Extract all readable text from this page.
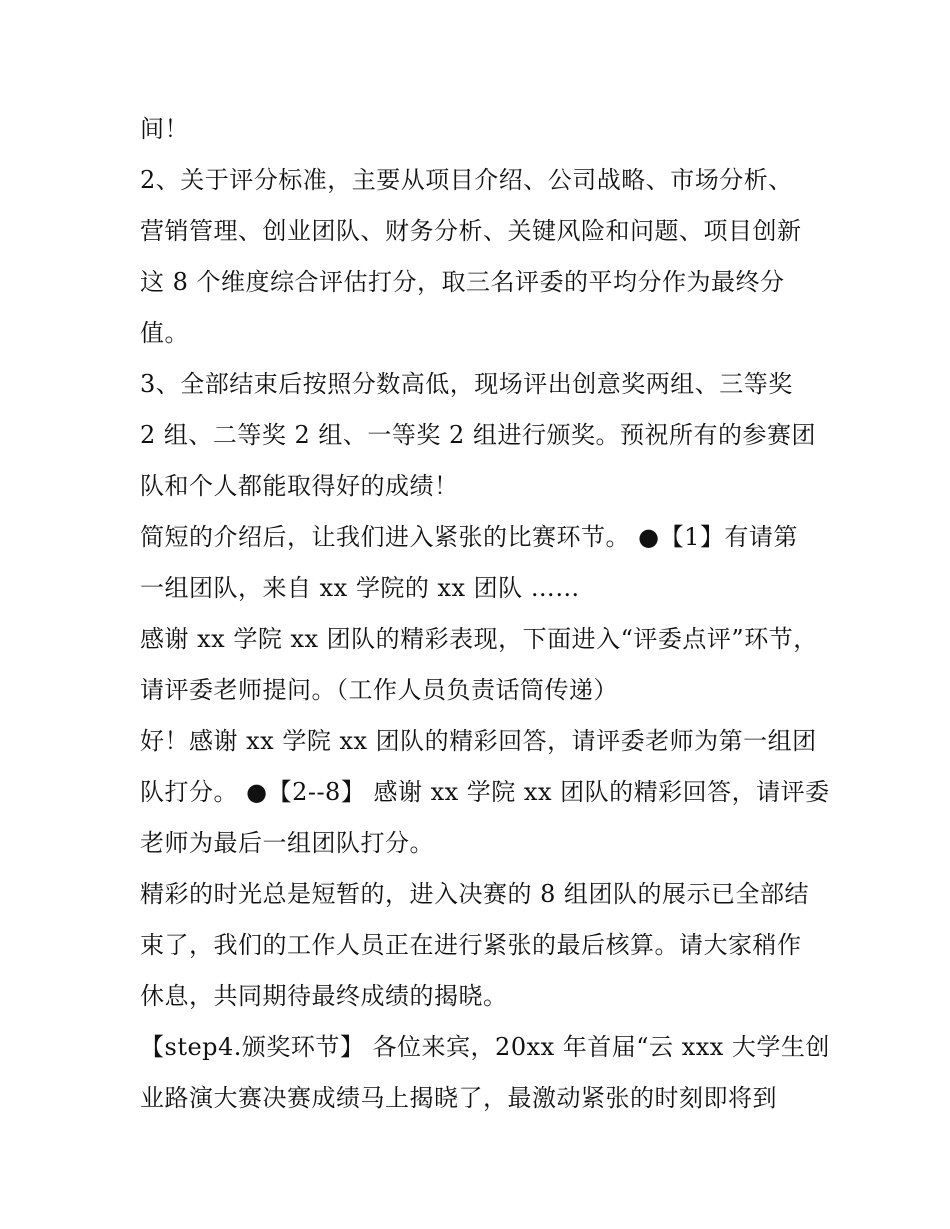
间！
2、关于评分标准，主要从项目介绍、公司战略、市场分析、
营销管理、创业团队、财务分析、关键风险和问题、项目创新
这 8 个维度综合评估打分，取三名评委的平均分作为最终分
值。
3、全部结束后按照分数高低，现场评出创意奖两组、三等奖
2 组、二等奖 2 组、一等奖 2 组进行颁奖。预祝所有的参赛团
队和个人都能取得好的成绩！
简短的介绍后，让我们进入紧张的比赛环节。 ●【1】有请第
一组团队，来自 xx 学院的 xx 团队 ……
感谢 xx 学院 xx 团队的精彩表现，下面进入“评委点评”环节，
请评委老师提问。（工作人员负责话筒传递）
好！感谢 xx 学院 xx 团队的精彩回答，请评委老师为第一组团
队打分。 ●【2--8】 感谢 xx 学院 xx 团队的精彩回答，请评委
老师为最后一组团队打分。
精彩的时光总是短暂的，进入决赛的 8 组团队的展示已全部结
束了，我们的工作人员正在进行紧张的最后核算。请大家稍作
休息，共同期待最终成绩的揭晓。
【step4.颁奖环节】 各位来宾，20xx 年首届“云 xxx 大学生创
业路演大赛决赛成绩马上揭晓了，最激动紧张的时刻即将到
